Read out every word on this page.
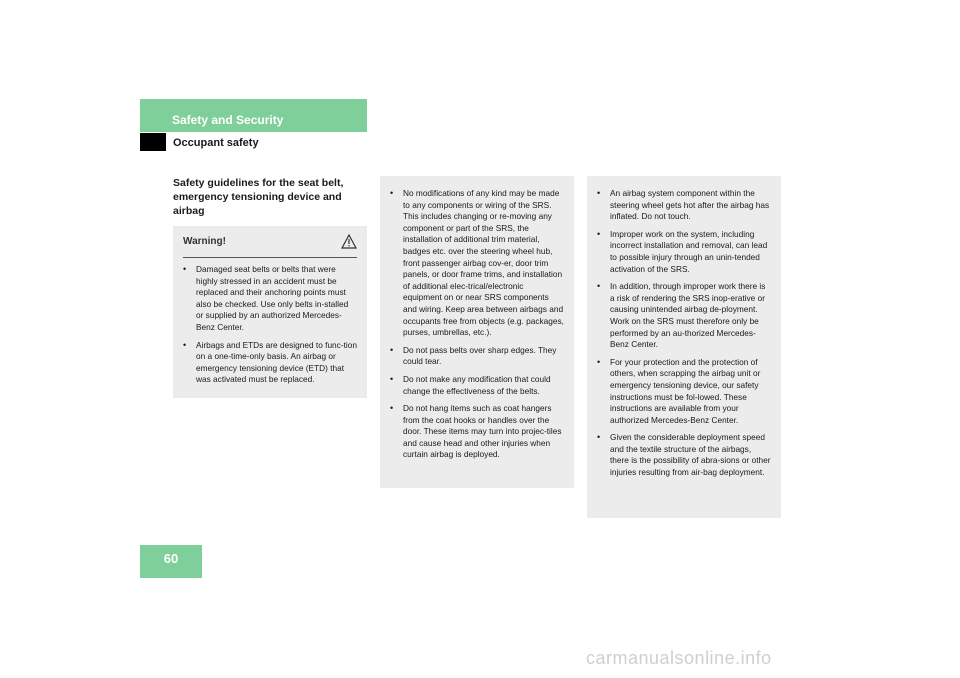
Safety and Security
Occupant safety
Safety guidelines for the seat belt, emergency tensioning device and airbag
Warning!
• Damaged seat belts or belts that were highly stressed in an accident must be replaced and their anchoring points must also be checked. Use only belts in-stalled or supplied by an authorized Mercedes-Benz Center.
• Airbags and ETDs are designed to func-tion on a one-time-only basis. An airbag or emergency tensioning device (ETD) that was activated must be replaced.
• No modifications of any kind may be made to any components or wiring of the SRS. This includes changing or re-moving any component or part of the SRS, the installation of additional trim material, badges etc. over the steering wheel hub, front passenger airbag cov-er, door trim panels, or door frame trims, and installation of additional elec-trical/electronic equipment on or near SRS components and wiring. Keep area between airbags and occupants free from objects (e.g. packages, purses, umbrellas, etc.).
• Do not pass belts over sharp edges. They could tear.
• Do not make any modification that could change the effectiveness of the belts.
• Do not hang items such as coat hangers from the coat hooks or handles over the door. These items may turn into projec-tiles and cause head and other injuries when curtain airbag is deployed.
• An airbag system component within the steering wheel gets hot after the airbag has inflated. Do not touch.
• Improper work on the system, including incorrect installation and removal, can lead to possible injury through an unin-tended activation of the SRS.
• In addition, through improper work there is a risk of rendering the SRS inop-erative or causing unintended airbag de-ployment. Work on the SRS must therefore only be performed by an au-thorized Mercedes-Benz Center.
• For your protection and the protection of others, when scrapping the airbag unit or emergency tensioning device, our safety instructions must be fol-lowed. These instructions are available from your authorized Mercedes-Benz Center.
• Given the considerable deployment speed and the textile structure of the airbags, there is the possibility of abra-sions or other injuries resulting from air-bag deployment.
60
carmanualsonline.info
